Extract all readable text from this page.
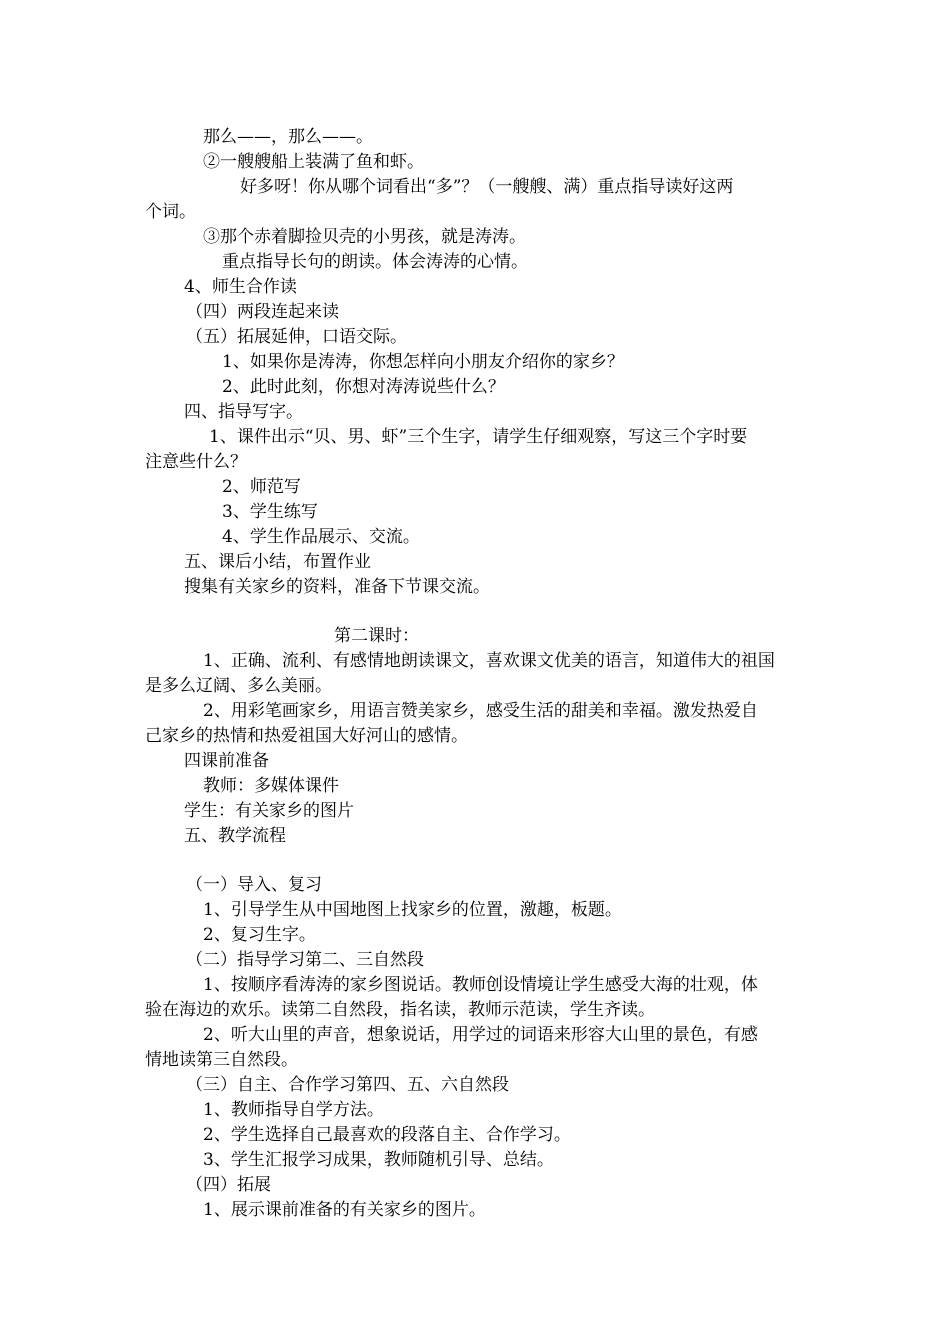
那么——，那么——。
②一艘艘船上装满了鱼和虾。
好多呀！你从哪个词看出“多”？（一艘艘、满）重点指导读好这两
个词。
③那个赤着脚捡贝壳的小男孩，就是涛涛。
重点指导长句的朗读。体会涛涛的心情。
4、师生合作读
（四）两段连起来读
（五）拓展延伸，口语交际。
1、如果你是涛涛，你想怎样向小朋友介绍你的家乡？
2、此时此刻，你想对涛涛说些什么？
四、指导写字。
1、课件出示“贝、男、虾”三个生字，请学生仔细观察，写这三个字时要
注意些什么？
2、师范写
3、学生练写
4、学生作品展示、交流。
五、课后小结，布置作业
搜集有关家乡的资料，准备下节课交流。
第二课时：
1、正确、流利、有感情地朗读课文，喜欢课文优美的语言，知道伟大的祖国
是多么辽阔、多么美丽。
2、用彩笔画家乡，用语言赞美家乡，感受生活的甜美和幸福。激发热爱自
己家乡的热情和热爱祖国大好河山的感情。
四课前准备
教师：多媒体课件
学生：有关家乡的图片
五、教学流程
（一）导入、复习
1、引导学生从中国地图上找家乡的位置，激趣，板题。
2、复习生字。
（二）指导学习第二、三自然段
1、按顺序看涛涛的家乡图说话。教师创设情境让学生感受大海的壮观，体
验在海边的欢乐。读第二自然段，指名读，教师示范读，学生齐读。
2、听大山里的声音，想象说话，用学过的词语来形容大山里的景色，有感
情地读第三自然段。
（三）自主、合作学习第四、五、六自然段
1、教师指导自学方法。
2、学生选择自己最喜欢的段落自主、合作学习。
3、学生汇报学习成果，教师随机引导、总结。
（四）拓展
1、展示课前准备的有关家乡的图片。
